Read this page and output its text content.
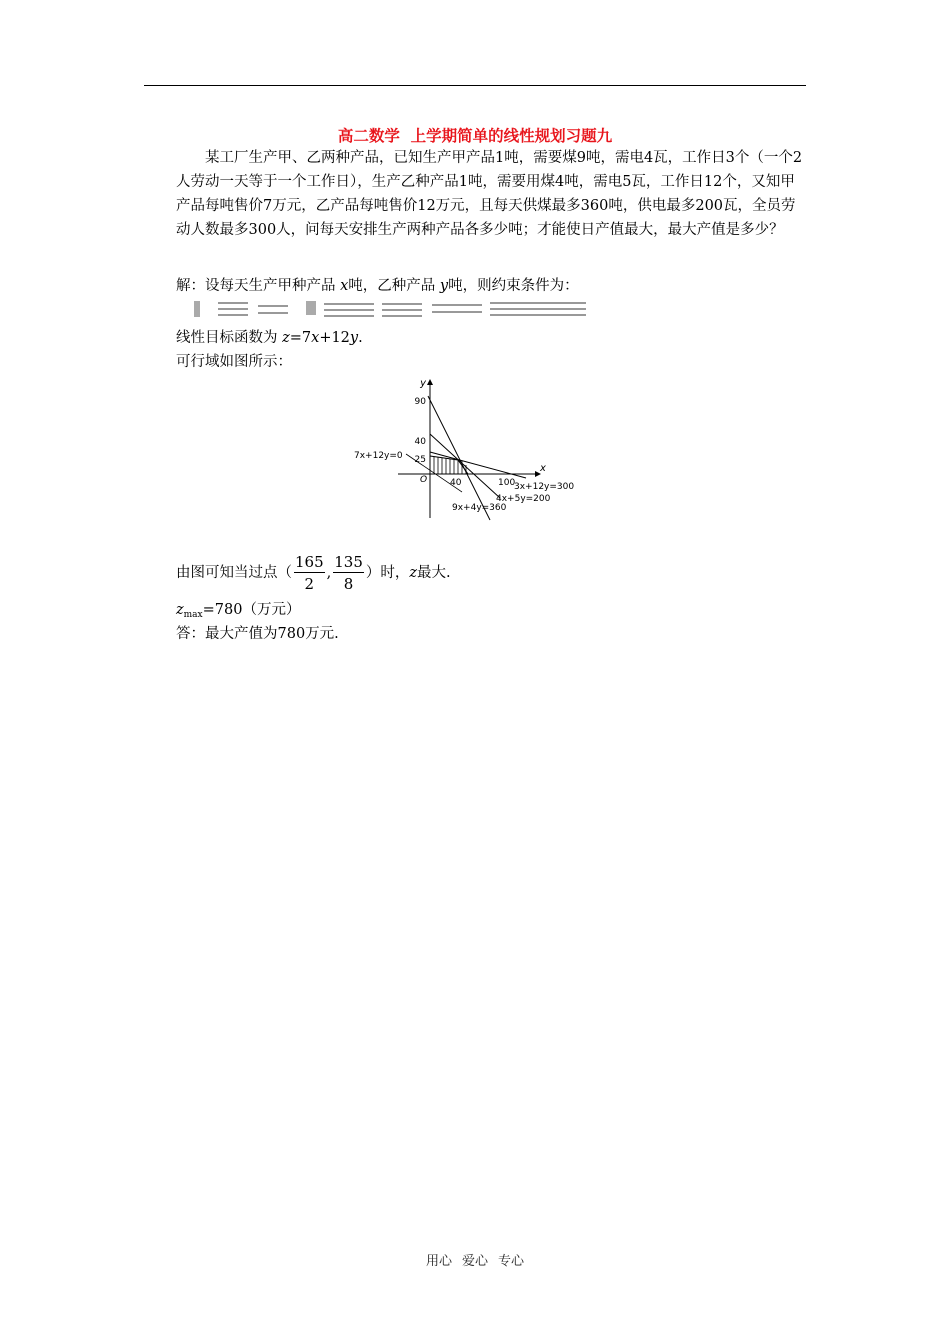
高二数学  上学期简单的线性规划习题九

某工厂生产甲、乙两种产品，已知生产甲产品1吨，需要煤9吨，需电4瓦，工作日3个（一个2人劳动一天等于一个工作日），生产乙种产品1吨，需要用煤4吨，需电5瓦，工作日12个，又知甲产品每吨售价7万元，乙产品每吨售价12万元，且每天供煤最多360吨，供电最多200瓦，全员劳动人数最多300人，问每天安排生产两种产品各多少吨；才能使日产值最大，最大产值是多少？

解：设每天生产甲种产品 x吨，乙种产品 y吨，则约束条件为：
线性目标函数为 z=7x+12y.
可行域如图所示：
y
x
O
90
40
25
40	100
7x+12y=0
3x+12y=300
4x+5y=200
9x+4y=360
由图可知当过点（ $\frac{165}{2}$ , $\frac{135}{8}$ ）时，z最大.
$z_{max}=780$（万元）
答：最大产值为780万元.
用心 爱心 专心
